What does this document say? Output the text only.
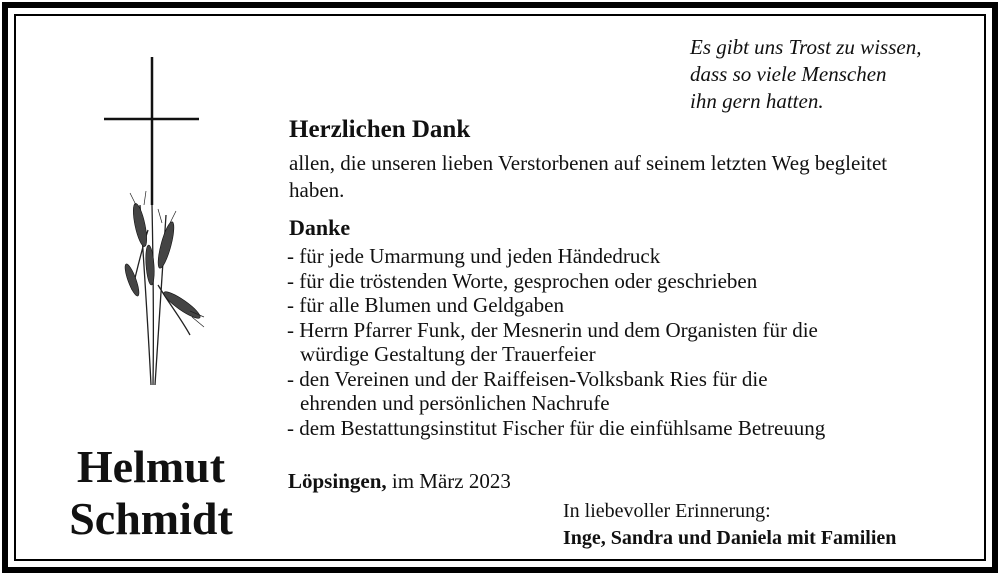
Es gibt uns Trost zu wissen,
dass so viele Menschen
ihn gern hatten.
Herzlichen Dank
allen, die unseren lieben Verstorbenen auf seinem letzten Weg begleitet haben.
Danke
- für jede Umarmung und jeden Händedruck
- für die tröstenden Worte, gesprochen oder geschrieben
- für alle Blumen und Geldgaben
- Herrn Pfarrer Funk, der Mesnerin und dem Organisten für die
würdige Gestaltung der Trauerfeier
- den Vereinen und der Raiffeisen-Volksbank Ries für die
ehrenden und persönlichen Nachrufe
- dem Bestattungsinstitut Fischer für die einfühlsame Betreuung
Helmut
Schmidt
Löpsingen, im März 2023
In liebevoller Erinnerung:
Inge, Sandra und Daniela mit Familien
